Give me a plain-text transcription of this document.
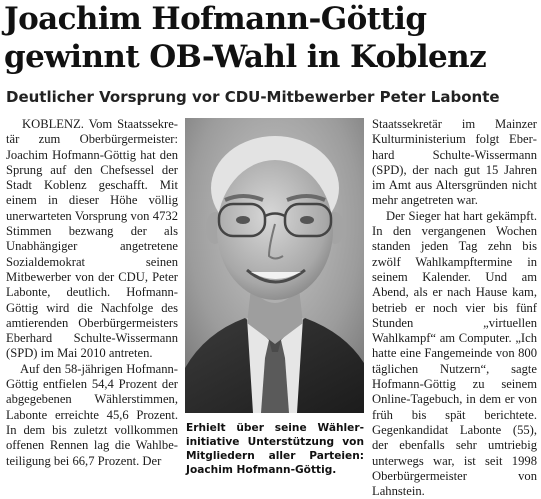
Joachim Hofmann-Göttig gewinnt OB-Wahl in Koblenz
Deutlicher Vorsprung vor CDU-Mitbewerber Peter Labonte

KOBLENZ. Vom Staatssekretär zum Oberbürgermeister: Joachim Hofmann-Göttig hat den Sprung auf den Chefsessel der Stadt Koblenz geschafft. Mit einem in dieser Höhe völlig unerwarteten Vorsprung von 4732 Stimmen bezwang der als Unabhängiger angetretene Sozialdemokrat seinen Mitbewerber von der CDU, Peter Labonte, deutlich. Hofmann-Göttig wird die Nachfolge des amtierenden Oberbürgermeisters Eberhard Schulte-Wissermann (SPD) im Mai 2010 antreten.

Auf den 58-jährigen Hofmann-Göttig entfielen 54,4 Prozent der abgegebenen Wählerstimmen, Labonte erreichte 45,6 Prozent. In dem bis zuletzt vollkommen offenen Rennen lag die Wahlbeteiligung bei 66,7 Prozent. Der

Staatssekretär im Mainzer Kulturministerium folgt Eberhard Schulte-Wissermann (SPD), der nach gut 15 Jahren im Amt aus Altersgründen nicht mehr angetreten war.

Der Sieger hat hart gekämpft. In den vergangenen Wochen standen jeden Tag zehn bis zwölf Wahlkampftermine in seinem Kalender. Und am Abend, als er nach Hause kam, betrieb er noch vier bis fünf Stunden „virtuellen Wahlkampf“ am Computer. „Ich hatte eine Fangemeinde von 800 täglichen Nutzern“, sagte Hofmann-Göttig zu seinem Online-Tagebuch, in dem er von früh bis spät berichtete. Gegenkandidat Labonte (55), der ebenfalls sehr umtriebig unterwegs war, ist seit 1998 Oberbürgermeister von Lahnstein.

Erhielt über seine Wählerinitiative Unterstützung von Mitgliedern aller Parteien: Joachim Hofmann-Göttig.
